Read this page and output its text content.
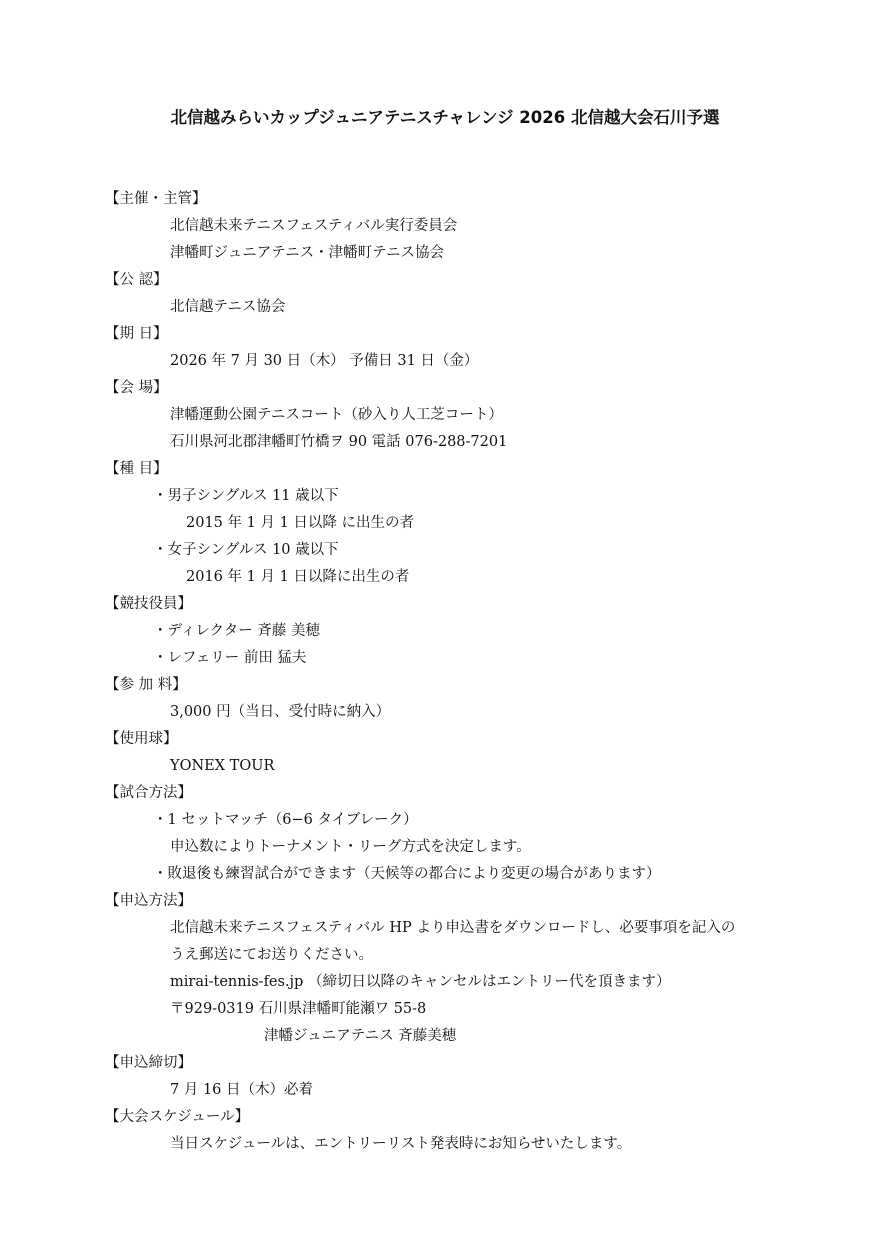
北信越みらいカップジュニアテニスチャレンジ 2026 北信越大会石川予選
【主催・主管】
北信越未来テニスフェスティバル実行委員会
津幡町ジュニアテニス・津幡町テニス協会
【公 認】
北信越テニス協会
【期 日】
2026 年 7 月 30 日（木） 予備日 31 日（金）
【会 場】
津幡運動公園テニスコート（砂入り人工芝コート）
石川県河北郡津幡町竹橋ヲ 90 電話 076-288-7201
【種 目】
・男子シングルス 11 歳以下
2015 年 1 月 1 日以降 に出生の者
・女子シングルス 10 歳以下
2016 年 1 月 1 日以降に出生の者
【競技役員】
・ディレクター 斉藤 美穂
・レフェリー 前田 猛夫
【参 加 料】
3,000 円（当日、受付時に納入）
【使用球】
YONEX TOUR
【試合方法】
・1 セットマッチ（6−6 タイブレーク）
申込数によりトーナメント・リーグ方式を決定します。
・敗退後も練習試合ができます（天候等の都合により変更の場合があります）
【申込方法】
北信越未来テニスフェスティバル HP より申込書をダウンロードし、必要事項を記入の
うえ郵送にてお送りください。
mirai-tennis-fes.jp （締切日以降のキャンセルはエントリー代を頂きます）
〒929-0319 石川県津幡町能瀬ワ 55-8
津幡ジュニアテニス 斉藤美穂
【申込締切】
7 月 16 日（木）必着
【大会スケジュール】
当日スケジュールは、エントリーリスト発表時にお知らせいたします。
